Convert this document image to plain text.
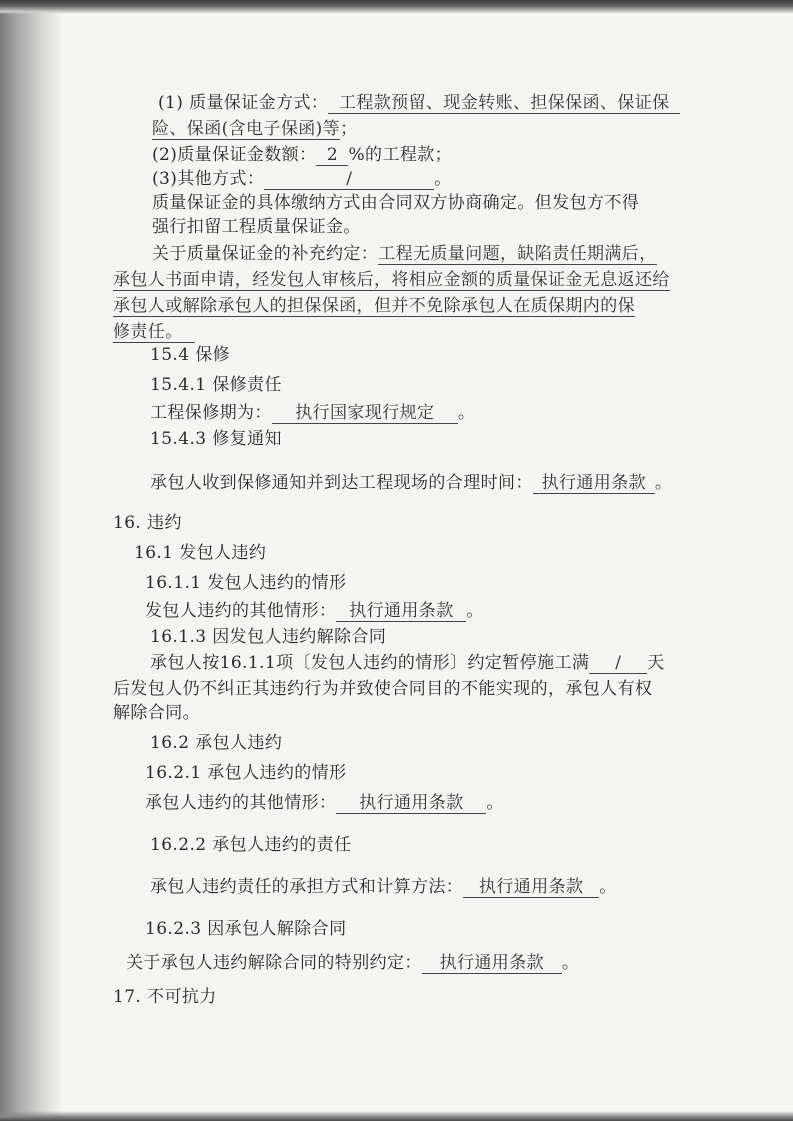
(1) 质量保证金方式： 工程款预留、现金转账、担保保函、保证保
险、保函(含电子保函)等；
(2)质量保证金数额： 2 %的工程款；
(3)其他方式：	/	。
质量保证金的具体缴纳方式由合同双方协商确定。但发包方不得
强行扣留工程质量保证金。
关于质量保证金的补充约定：工程无质量问题，缺陷责任期满后，
承包人书面申请，经发包人审核后，将相应金额的质量保证金无息返还给
承包人或解除承包人的担保保函，但并不免除承包人在质保期内的保
修责任。
15.4 保修
15.4.1 保修责任
工程保修期为： 执行国家现行规定 。
15.4.3 修复通知
承包人收到保修通知并到达工程现场的合理时间： 执行通用条款 。
16. 违约
16.1 发包人违约
16.1.1 发包人违约的情形
发包人违约的其他情形： 执行通用条款 。
16.1.3 因发包人违约解除合同
承包人按16.1.1项〔发包人违约的情形〕约定暂停施工满 / 天
后发包人仍不纠正其违约行为并致使合同目的不能实现的，承包人有权
解除合同。
16.2 承包人违约
16.2.1 承包人违约的情形
承包人违约的其他情形： 执行通用条款 。
16.2.2 承包人违约的责任
承包人违约责任的承担方式和计算方法： 执行通用条款 。
16.2.3 因承包人解除合同
关于承包人违约解除合同的特别约定： 执行通用条款 。
17. 不可抗力
